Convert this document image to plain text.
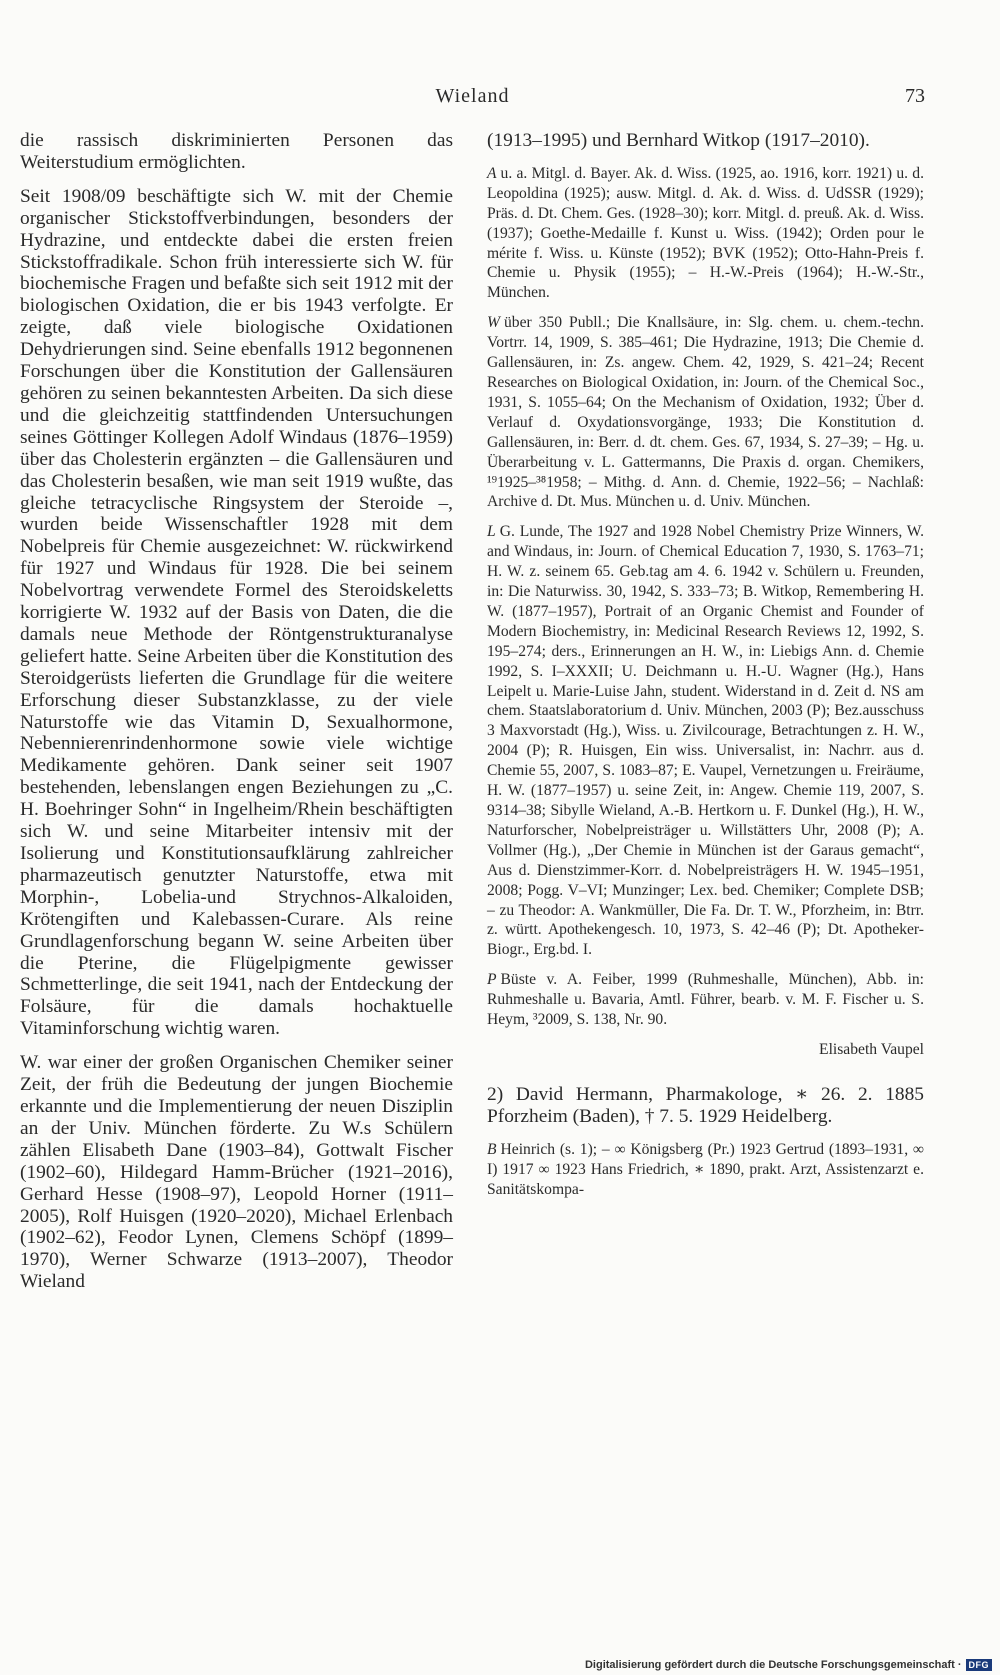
Wieland	73

die rassisch diskriminierten Personen das Weiterstudium ermöglichten.

Seit 1908/09 beschäftigte sich W. mit der Chemie organischer Stickstoffverbindungen, besonders der Hydrazine, und entdeckte dabei die ersten freien Stickstoffradikale. Schon früh interessierte sich W. für biochemische Fragen und befaßte sich seit 1912 mit der biologischen Oxidation, die er bis 1943 verfolgte. Er zeigte, daß viele biologische Oxidationen Dehydrierungen sind. Seine ebenfalls 1912 begonnenen Forschungen über die Konstitution der Gallensäuren gehören zu seinen bekanntesten Arbeiten. Da sich diese und die gleichzeitig stattfindenden Untersuchungen seines Göttinger Kollegen Adolf Windaus (1876–1959) über das Cholesterin ergänzten – die Gallensäuren und das Cholesterin besaßen, wie man seit 1919 wußte, das gleiche tetracyclische Ringsystem der Steroide –, wurden beide Wissenschaftler 1928 mit dem Nobelpreis für Chemie ausgezeichnet: W. rückwirkend für 1927 und Windaus für 1928. Die bei seinem Nobelvortrag verwendete Formel des Steroidskeletts korrigierte W. 1932 auf der Basis von Daten, die die damals neue Methode der Röntgenstrukturanalyse geliefert hatte. Seine Arbeiten über die Konstitution des Steroidgerüsts lieferten die Grundlage für die weitere Erforschung dieser Substanzklasse, zu der viele Naturstoffe wie das Vitamin D, Sexualhormone, Nebennierenrindenhormone sowie viele wichtige Medikamente gehören. Dank seiner seit 1907 bestehenden, lebenslangen engen Beziehungen zu „C. H. Boehringer Sohn“ in Ingelheim/Rhein beschäftigten sich W. und seine Mitarbeiter intensiv mit der Isolierung und Konstitutionsaufklärung zahlreicher pharmazeutisch genutzter Naturstoffe, etwa mit Morphin-, Lobelia-und Strychnos-Alkaloiden, Krötengiften und Kalebassen-Curare. Als reine Grundlagenforschung begann W. seine Arbeiten über die Pterine, die Flügelpigmente gewisser Schmetterlinge, die seit 1941, nach der Entdeckung der Folsäure, für die damals hochaktuelle Vitaminforschung wichtig waren.

W. war einer der großen Organischen Chemiker seiner Zeit, der früh die Bedeutung der jungen Biochemie erkannte und die Implementierung der neuen Disziplin an der Univ. München förderte. Zu W.s Schülern zählen Elisabeth Dane (1903–84), Gottwalt Fischer (1902–60), Hildegard Hamm-Brücher (1921–2016), Gerhard Hesse (1908–97), Leopold Horner (1911–2005), Rolf Huisgen (1920–2020), Michael Erlenbach (1902–62), Feodor Lynen, Clemens Schöpf (1899–1970), Werner Schwarze (1913–2007), Theodor Wieland

(1913–1995) und Bernhard Witkop (1917–2010).

A u. a. Mitgl. d. Bayer. Ak. d. Wiss. (1925, ao. 1916, korr. 1921) u. d. Leopoldina (1925); ausw. Mitgl. d. Ak. d. Wiss. d. UdSSR (1929); Präs. d. Dt. Chem. Ges. (1928–30); korr. Mitgl. d. preuß. Ak. d. Wiss. (1937); Goethe-Medaille f. Kunst u. Wiss. (1942); Orden pour le mérite f. Wiss. u. Künste (1952); BVK (1952); Otto-Hahn-Preis f. Chemie u. Physik (1955); – H.-W.-Preis (1964); H.-W.-Str., München.

W über 350 Publl.; Die Knallsäure, in: Slg. chem. u. chem.-techn. Vortrr. 14, 1909, S. 385–461; Die Hydrazine, 1913; Die Chemie d. Gallensäuren, in: Zs. angew. Chem. 42, 1929, S. 421–24; Recent Researches on Biological Oxidation, in: Journ. of the Chemical Soc., 1931, S. 1055–64; On the Mechanism of Oxidation, 1932; Über d. Verlauf d. Oxydationsvorgänge, 1933; Die Konstitution d. Gallensäuren, in: Berr. d. dt. chem. Ges. 67, 1934, S. 27–39; – Hg. u. Überarbeitung v. L. Gattermanns, Die Praxis d. organ. Chemikers, ¹⁹1925–³⁸1958; – Mithg. d. Ann. d. Chemie, 1922–56; – Nachlaß: Archive d. Dt. Mus. München u. d. Univ. München.

L G. Lunde, The 1927 and 1928 Nobel Chemistry Prize Winners, W. and Windaus, in: Journ. of Chemical Education 7, 1930, S. 1763–71; H. W. z. seinem 65. Geb.tag am 4. 6. 1942 v. Schülern u. Freunden, in: Die Naturwiss. 30, 1942, S. 333–73; B. Witkop, Remembering H. W. (1877–1957), Portrait of an Organic Chemist and Founder of Modern Biochemistry, in: Medicinal Research Reviews 12, 1992, S. 195–274; ders., Erinnerungen an H. W., in: Liebigs Ann. d. Chemie 1992, S. I–XXXII; U. Deichmann u. H.-U. Wagner (Hg.), Hans Leipelt u. Marie-Luise Jahn, student. Widerstand in d. Zeit d. NS am chem. Staatslaboratorium d. Univ. München, 2003 (P); Bez.ausschuss 3 Maxvorstadt (Hg.), Wiss. u. Zivilcourage, Betrachtungen z. H. W., 2004 (P); R. Huisgen, Ein wiss. Universalist, in: Nachrr. aus d. Chemie 55, 2007, S. 1083–87; E. Vaupel, Vernetzungen u. Freiräume, H. W. (1877–1957) u. seine Zeit, in: Angew. Chemie 119, 2007, S. 9314–38; Sibylle Wieland, A.-B. Hertkorn u. F. Dunkel (Hg.), H. W., Naturforscher, Nobelpreisträger u. Willstätters Uhr, 2008 (P); A. Vollmer (Hg.), „Der Chemie in München ist der Garaus gemacht“, Aus d. Dienstzimmer-Korr. d. Nobelpreisträgers H. W. 1945–1951, 2008; Pogg. V–VI; Munzinger; Lex. bed. Chemiker; Complete DSB; – zu Theodor: A. Wankmüller, Die Fa. Dr. T. W., Pforzheim, in: Btrr. z. württ. Apothekengesch. 10, 1973, S. 42–46 (P); Dt. Apotheker-Biogr., Erg.bd. I.

P Büste v. A. Feiber, 1999 (Ruhmeshalle, München), Abb. in: Ruhmeshalle u. Bavaria, Amtl. Führer, bearb. v. M. F. Fischer u. S. Heym, ³2009, S. 138, Nr. 90.

Elisabeth Vaupel

2) David Hermann, Pharmakologe, ∗ 26. 2. 1885 Pforzheim (Baden), † 7. 5. 1929 Heidelberg.

B Heinrich (s. 1); – ∞ Königsberg (Pr.) 1923 Gertrud (1893–1931, ∞ I) 1917 ∞ 1923 Hans Friedrich, ∗ 1890, prakt. Arzt, Assistenzarzt e. Sanitätskompa-

Digitalisierung gefördert durch die Deutsche Forschungsgemeinschaft · DFG
